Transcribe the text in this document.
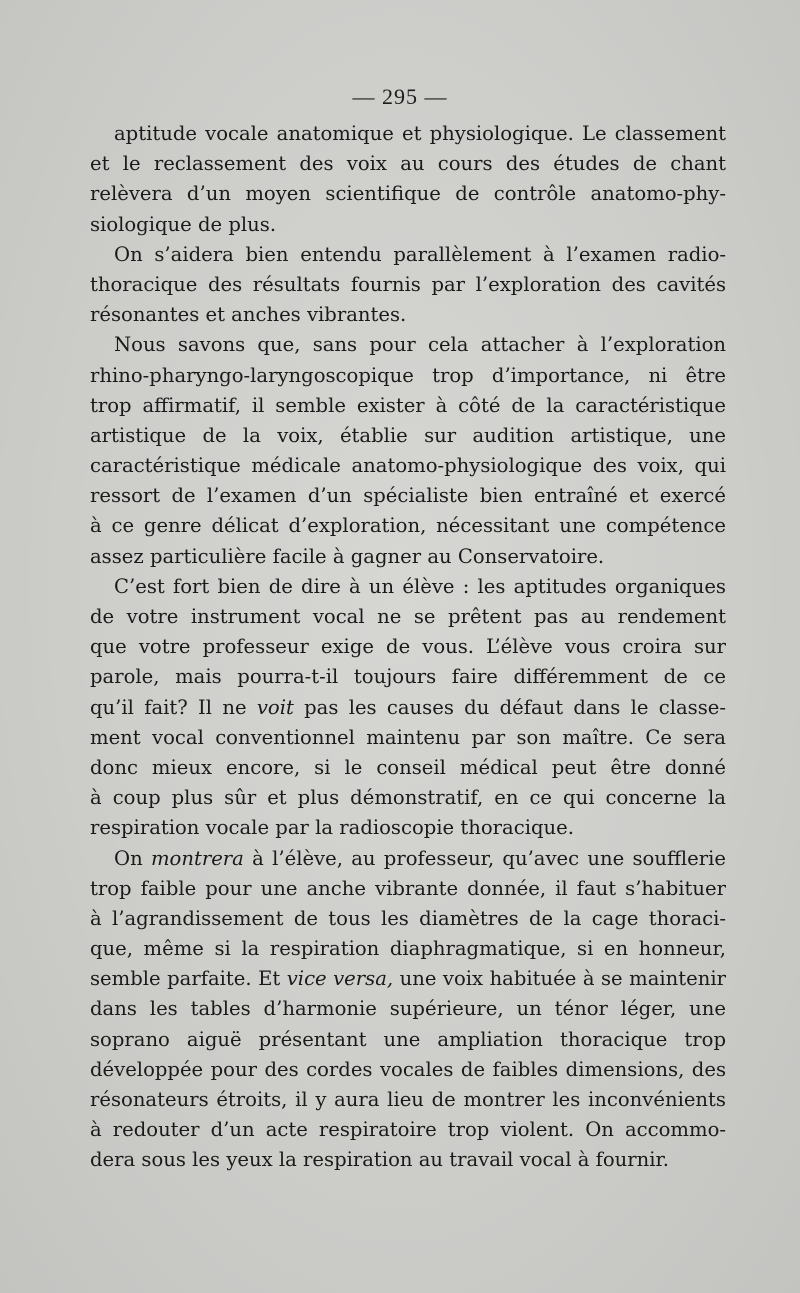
— 295 —
aptitude vocale anatomique et physiologique. Le classement
et le reclassement des voix au cours des études de chant
relèvera d’un moyen scientifique de contrôle anatomo-phy-
siologique de plus.
On s’aidera bien entendu parallèlement à l’examen radio-
thoracique des résultats fournis par l’exploration des cavités
résonantes et anches vibrantes.
Nous savons que, sans pour cela attacher à l’exploration
rhino-pharyngo-laryngoscopique trop d’importance, ni être
trop affirmatif, il semble exister à côté de la caractéristique
artistique de la voix, établie sur audition artistique, une
caractéristique médicale anatomo-physiologique des voix, qui
ressort de l’examen d’un spécialiste bien entraîné et exercé
à ce genre délicat d’exploration, nécessitant une compétence
assez particulière facile à gagner au Conservatoire.
C’est fort bien de dire à un élève : les aptitudes organiques
de votre instrument vocal ne se prêtent pas au rendement
que votre professeur exige de vous. L’élève vous croira sur
parole, mais pourra-t-il toujours faire différemment de ce
qu’il fait? Il ne voit pas les causes du défaut dans le classe-
ment vocal conventionnel maintenu par son maître. Ce sera
donc mieux encore, si le conseil médical peut être donné
à coup plus sûr et plus démonstratif, en ce qui concerne la
respiration vocale par la radioscopie thoracique.
On montrera à l’élève, au professeur, qu’avec une soufflerie
trop faible pour une anche vibrante donnée, il faut s’habituer
à l’agrandissement de tous les diamètres de la cage thoraci-
que, même si la respiration diaphragmatique, si en honneur,
semble parfaite. Et vice versa, une voix habituée à se maintenir
dans les tables d’harmonie supérieure, un ténor léger, une
soprano aiguë présentant une ampliation thoracique trop
développée pour des cordes vocales de faibles dimensions, des
résonateurs étroits, il y aura lieu de montrer les inconvénients
à redouter d’un acte respiratoire trop violent. On accommo-
dera sous les yeux la respiration au travail vocal à fournir.
